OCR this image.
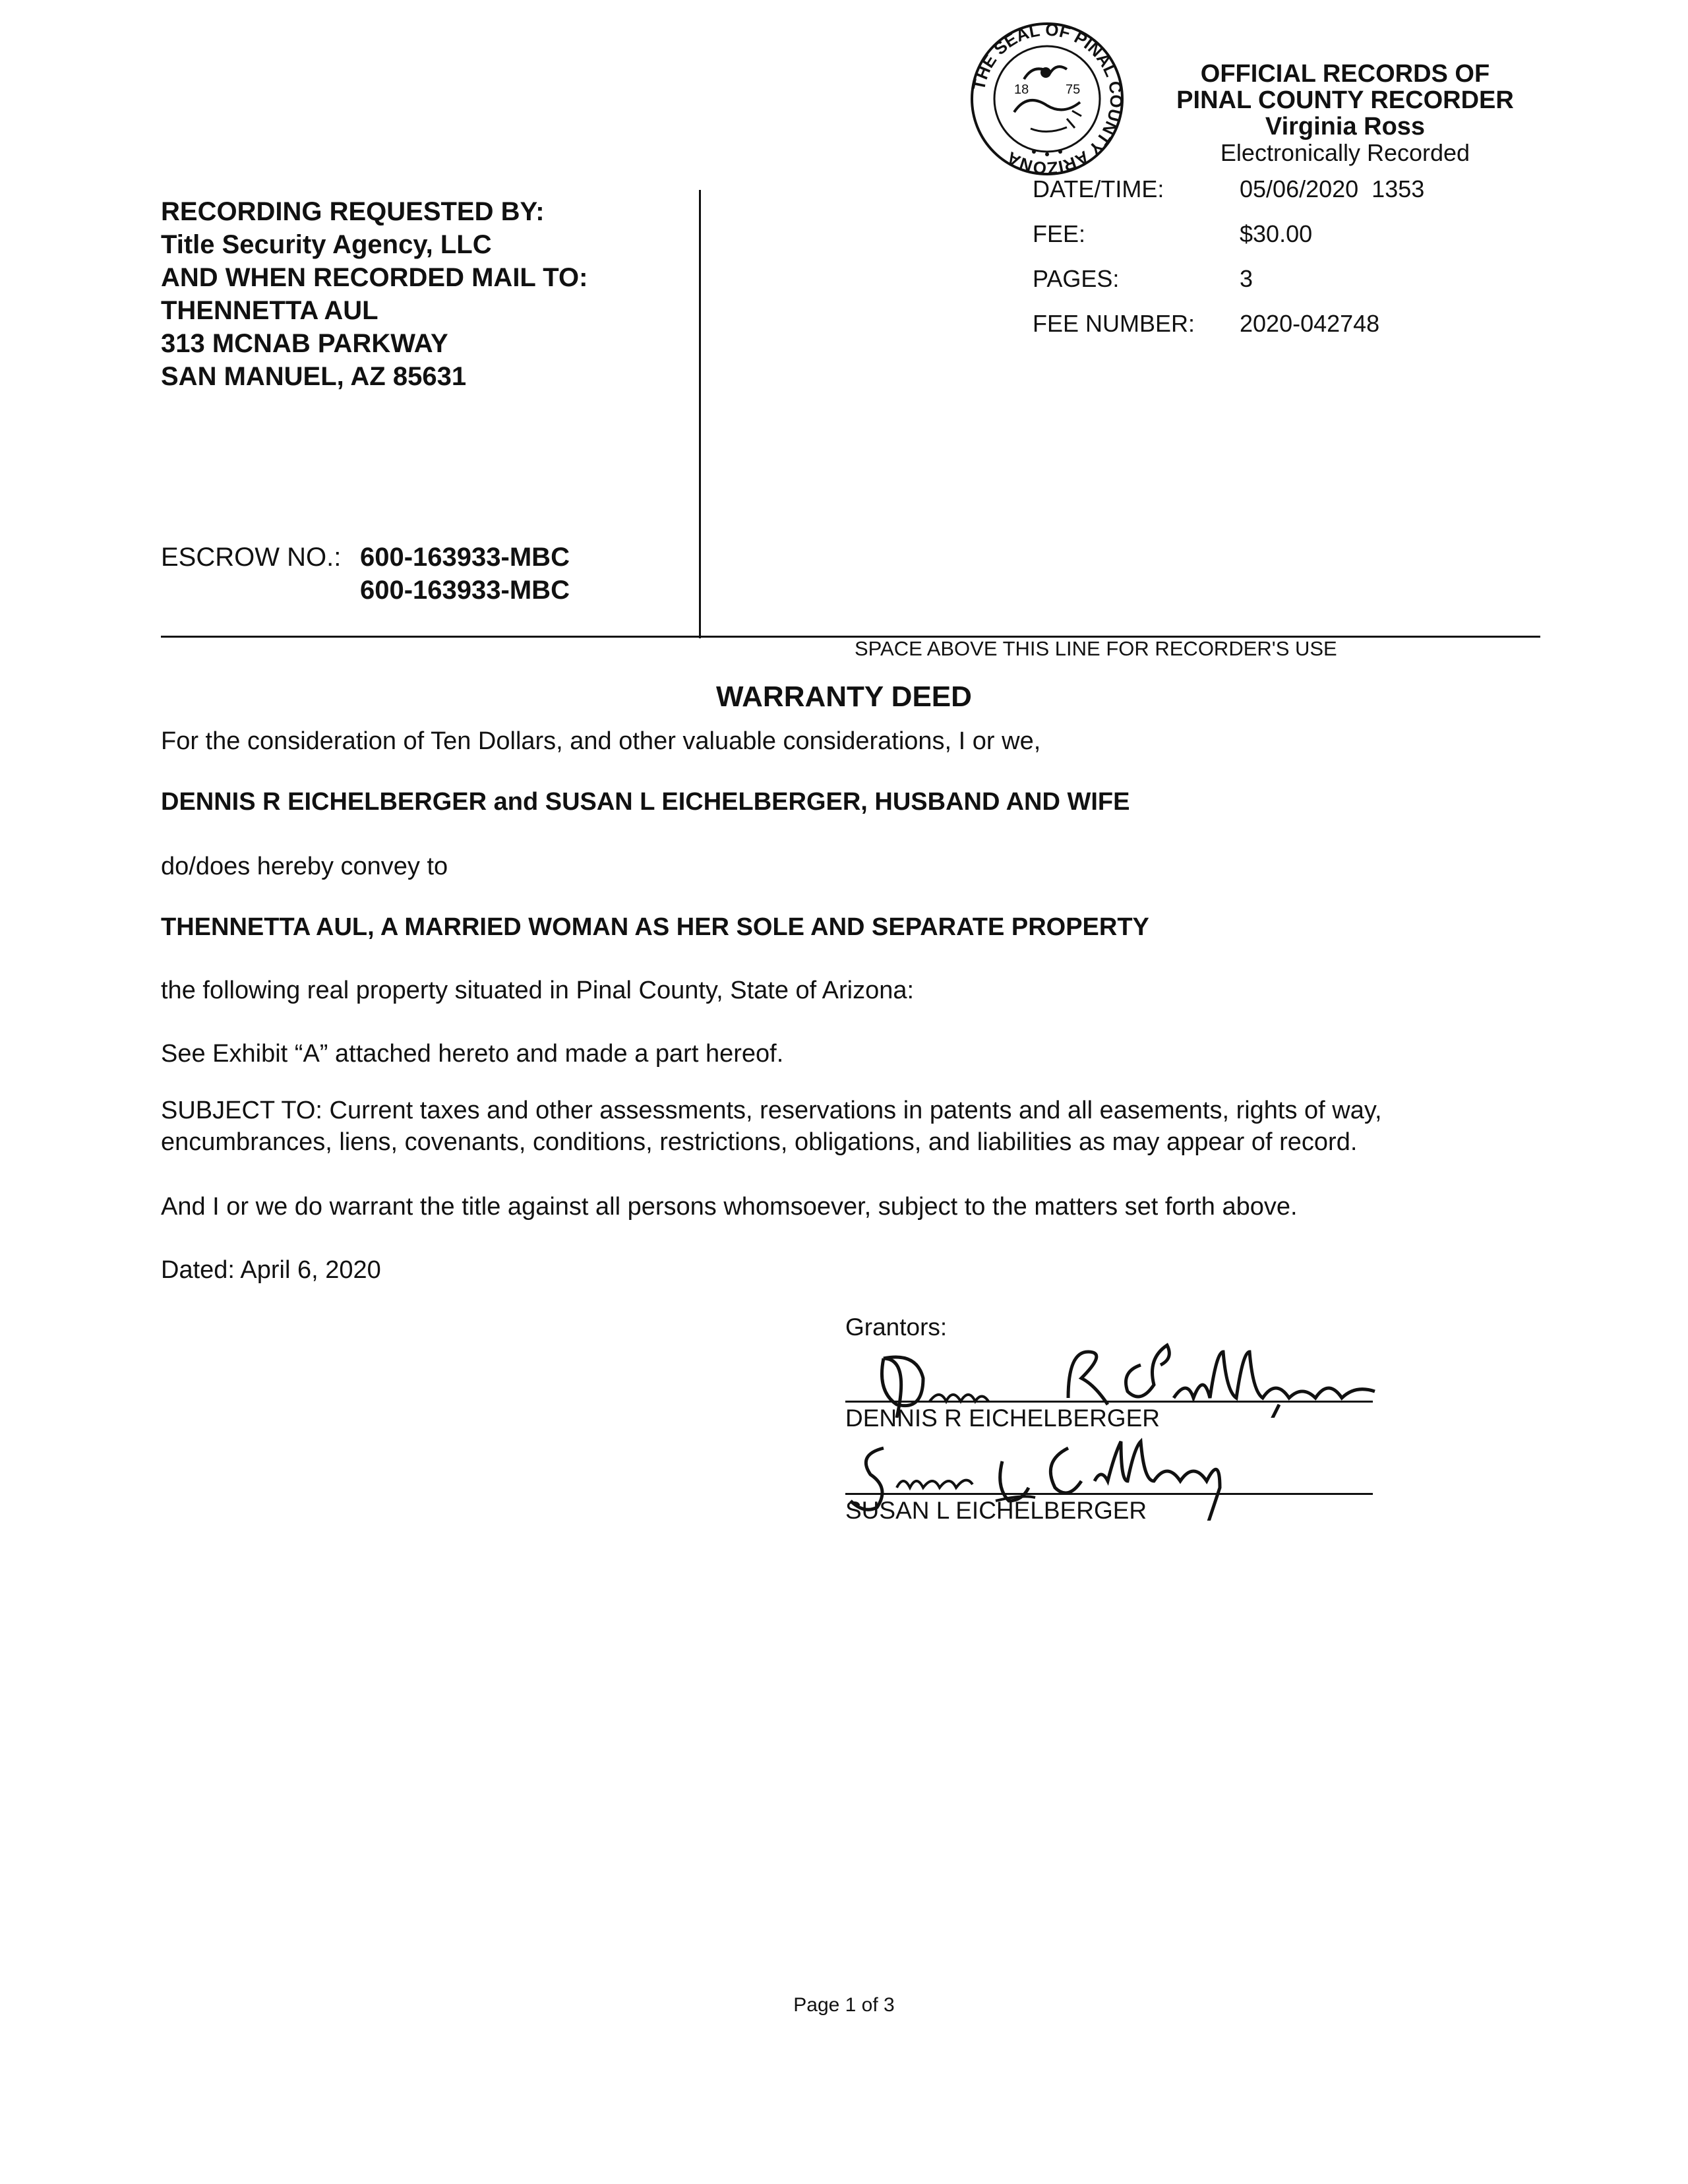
THE SEAL OF PINAL COUNTY ARIZONA
18	75
OFFICIAL RECORDS OF
PINAL COUNTY RECORDER
Virginia Ross
Electronically Recorded
DATE/TIME:	05/06/2020  1353
FEE:	$30.00
PAGES:	3
FEE NUMBER: 2020-042748
RECORDING REQUESTED BY:
Title Security Agency, LLC
AND WHEN RECORDED MAIL TO:
THENNETTA AUL
313 MCNAB PARKWAY
SAN MANUEL, AZ 85631
ESCROW NO.: 600-163933-MBC
600-163933-MBC
SPACE ABOVE THIS LINE FOR RECORDER'S USE
WARRANTY DEED
For the consideration of Ten Dollars, and other valuable considerations, I or we,
DENNIS R EICHELBERGER and SUSAN L EICHELBERGER, HUSBAND AND WIFE
do/does hereby convey to
THENNETTA AUL, A MARRIED WOMAN AS HER SOLE AND SEPARATE PROPERTY
the following real property situated in Pinal County, State of Arizona:
See Exhibit “A” attached hereto and made a part hereof.
SUBJECT TO: Current taxes and other assessments, reservations in patents and all easements, rights of way, encumbrances, liens, covenants, conditions, restrictions, obligations, and liabilities as may appear of record.
And I or we do warrant the title against all persons whomsoever, subject to the matters set forth above.
Dated: April 6, 2020
Grantors:
DENNIS R EICHELBERGER
SUSAN L EICHELBERGER
Page 1 of 3
